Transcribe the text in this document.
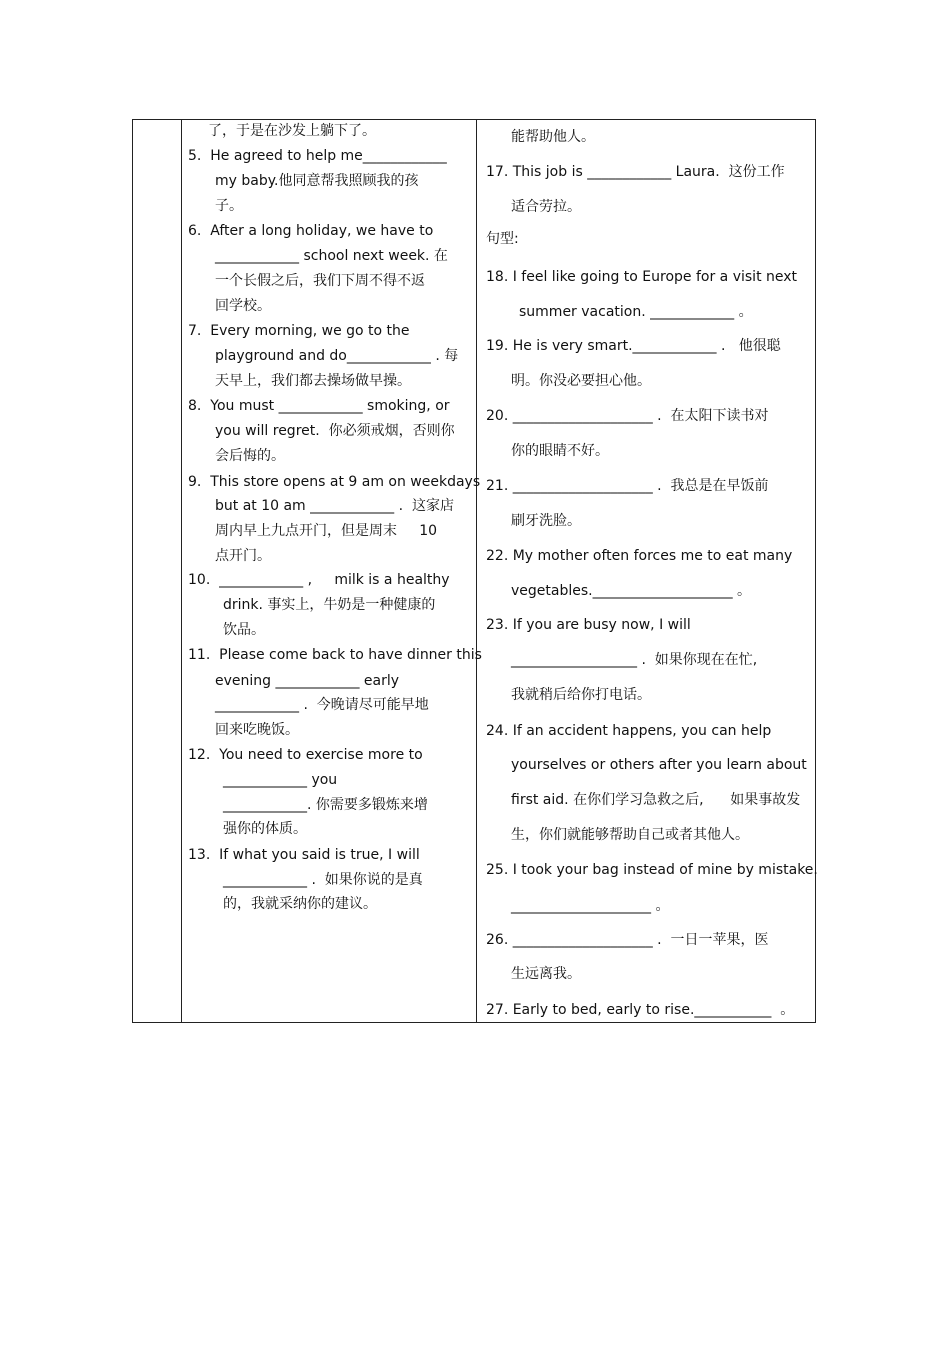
了，于是在沙发上躺下了。
5.  He agreed to help me____________
my baby.他同意帮我照顾我的孩
子。
6.  After a long holiday, we have to
____________ school next week. 在
一个长假之后，我们下周不得不返
回学校。
7.  Every morning, we go to the
playground and do____________ . 每
天早上，我们都去操场做早操。
8.  You must ____________ smoking, or
you will regret.  你必须戒烟，否则你
会后悔的。
9.  This store opens at 9 am on weekdays
but at 10 am ____________ .  这家店
周内早上九点开门，但是周末     10
点开门。
10.  ____________ ,     milk is a healthy
drink. 事实上，牛奶是一种健康的
饮品。
11.  Please come back to have dinner this
evening ____________ early
____________ .  今晚请尽可能早地
回来吃晚饭。
12.  You need to exercise more to
____________ you
____________. 你需要多锻炼来增
强你的体质。
13.  If what you said is true, I will
____________ .  如果你说的是真
的，我就采纳你的建议。
能帮助他人。
17. This job is ____________ Laura.  这份工作
适合劳拉。
句型:
18. I feel like going to Europe for a visit next
summer vacation. ____________ 。
19. He is very smart.____________ .   他很聪
明。你没必要担心他。
20. ____________________ .  在太阳下读书对
你的眼睛不好。
21. ____________________ .  我总是在早饭前
刷牙洗脸。
22. My mother often forces me to eat many
vegetables.____________________ 。
23. If you are busy now, I will
__________________ .  如果你现在在忙,
我就稍后给你打电话。
24. If an accident happens, you can help
yourselves or others after you learn about
first aid. 在你们学习急救之后,      如果事故发
生，你们就能够帮助自己或者其他人。
25. I took your bag instead of mine by mistake.
____________________ 。
26. ____________________ .  一日一苹果，医
生远离我。
27. Early to bed, early to rise.___________  。
